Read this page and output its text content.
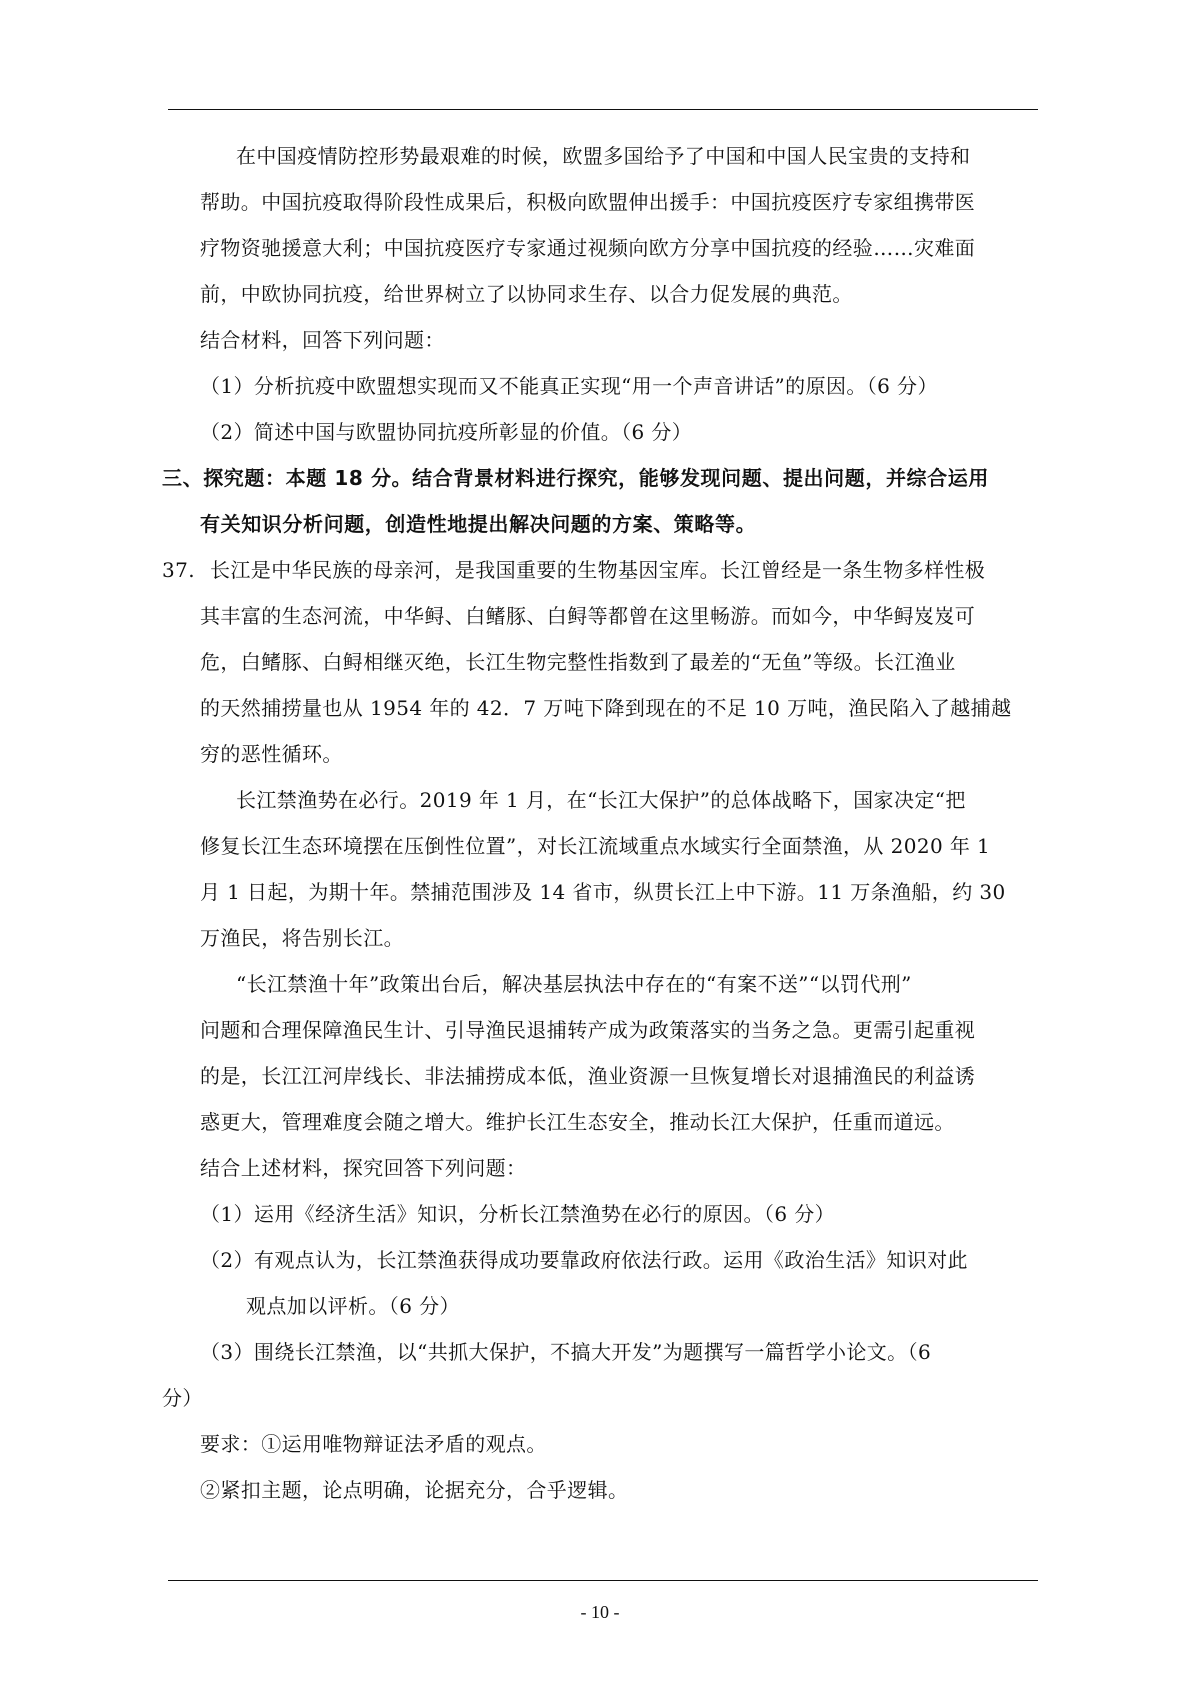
在中国疫情防控形势最艰难的时候，欧盟多国给予了中国和中国人民宝贵的支持和
帮助。中国抗疫取得阶段性成果后，积极向欧盟伸出援手：中国抗疫医疗专家组携带医
疗物资驰援意大利；中国抗疫医疗专家通过视频向欧方分享中国抗疫的经验……灾难面
前，中欧协同抗疫，给世界树立了以协同求生存、以合力促发展的典范。
结合材料，回答下列问题：
（1）分析抗疫中欧盟想实现而又不能真正实现“用一个声音讲话”的原因。（6 分）
（2）简述中国与欧盟协同抗疫所彰显的价值。（6 分）
三、探究题：本题 18 分。结合背景材料进行探究，能够发现问题、提出问题，并综合运用
有关知识分析问题，创造性地提出解决问题的方案、策略等。
37. 长江是中华民族的母亲河，是我国重要的生物基因宝库。长江曾经是一条生物多样性极
其丰富的生态河流，中华鲟、白鳍豚、白鲟等都曾在这里畅游。而如今，中华鲟岌岌可
危，白鳍豚、白鲟相继灭绝，长江生物完整性指数到了最差的“无鱼”等级。长江渔业
的天然捕捞量也从 1954 年的 42．7 万吨下降到现在的不足 10 万吨，渔民陷入了越捕越
穷的恶性循环。
长江禁渔势在必行。2019 年 1 月，在“长江大保护”的总体战略下，国家决定“把
修复长江生态环境摆在压倒性位置”，对长江流域重点水域实行全面禁渔，从 2020 年 1
月 1 日起，为期十年。禁捕范围涉及 14 省市，纵贯长江上中下游。11 万条渔船，约 30
万渔民，将告别长江。
“长江禁渔十年”政策出台后，解决基层执法中存在的“有案不送”“以罚代刑”
问题和合理保障渔民生计、引导渔民退捕转产成为政策落实的当务之急。更需引起重视
的是，长江江河岸线长、非法捕捞成本低，渔业资源一旦恢复增长对退捕渔民的利益诱
惑更大，管理难度会随之增大。维护长江生态安全，推动长江大保护，任重而道远。
结合上述材料，探究回答下列问题：
（1）运用《经济生活》知识，分析长江禁渔势在必行的原因。（6 分）
（2）有观点认为，长江禁渔获得成功要靠政府依法行政。运用《政治生活》知识对此
观点加以评析。（6 分）
（3）围绕长江禁渔，以“共抓大保护，不搞大开发”为题撰写一篇哲学小论文。（6
分）
要求：①运用唯物辩证法矛盾的观点。
②紧扣主题，论点明确，论据充分，合乎逻辑。
- 10 -
